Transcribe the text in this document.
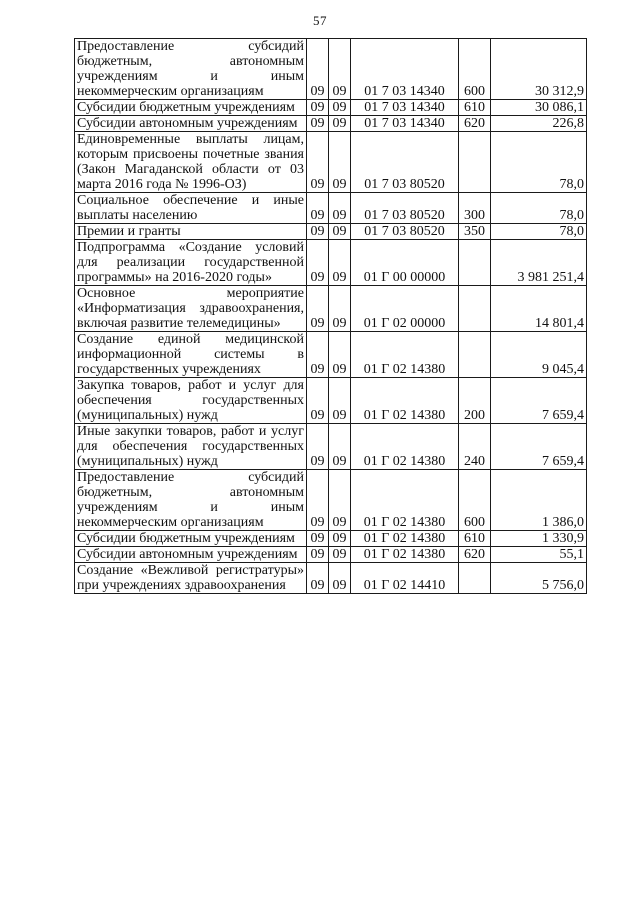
57
Предоставление субсидий бюджетным, автономным учреждениям и иным некоммерческим организациям	09	09	01 7 03 14340	600	30 312,9
Субсидии бюджетным учреждениям	09	09	01 7 03 14340	610	30 086,1
Субсидии автономным учреждениям	09	09	01 7 03 14340	620	226,8
Единовременные выплаты лицам, которым присвоены почетные звания (Закон Магаданской области от 03 марта 2016 года № 1996-ОЗ)	09	09	01 7 03 80520		78,0
Социальное обеспечение и иные выплаты населению	09	09	01 7 03 80520	300	78,0
Премии и гранты	09	09	01 7 03 80520	350	78,0
Подпрограмма «Создание условий для реализации государственной программы» на 2016-2020 годы»	09	09	01 Г 00 00000		3 981 251,4
Основное мероприятие «Информатизация здравоохранения, включая развитие телемедицины»	09	09	01 Г 02 00000		14 801,4
Создание единой медицинской информационной системы в государственных учреждениях	09	09	01 Г 02 14380		9 045,4
Закупка товаров, работ и услуг для обеспечения государственных (муниципальных) нужд	09	09	01 Г 02 14380	200	7 659,4
Иные закупки товаров, работ и услуг для обеспечения государственных (муниципальных) нужд	09	09	01 Г 02 14380	240	7 659,4
Предоставление субсидий бюджетным, автономным учреждениям и иным некоммерческим организациям	09	09	01 Г 02 14380	600	1 386,0
Субсидии бюджетным учреждениям	09	09	01 Г 02 14380	610	1 330,9
Субсидии автономным учреждениям	09	09	01 Г 02 14380	620	55,1
Создание «Вежливой регистратуры» при учреждениях здравоохранения	09	09	01 Г 02 14410		5 756,0
